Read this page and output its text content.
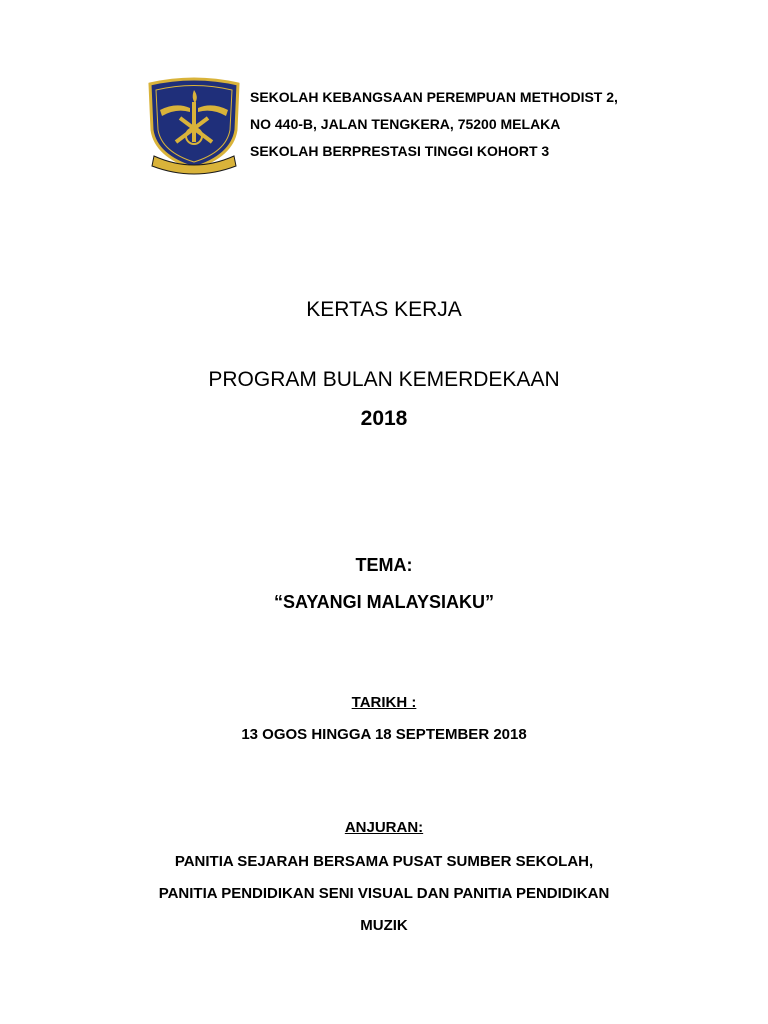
SEKOLAH KEBANGSAAN PEREMPUAN METHODIST 2,
NO 440-B, JALAN TENGKERA, 75200 MELAKA
SEKOLAH BERPRESTASI TINGGI KOHORT 3
KERTAS KERJA
PROGRAM BULAN KEMERDEKAAN
2018
TEMA:
“SAYANGI MALAYSIAKU”
TARIKH :
13 OGOS HINGGA 18 SEPTEMBER 2018
ANJURAN:
PANITIA SEJARAH BERSAMA PUSAT SUMBER SEKOLAH,
PANITIA PENDIDIKAN SENI VISUAL DAN PANITIA PENDIDIKAN
MUZIK
